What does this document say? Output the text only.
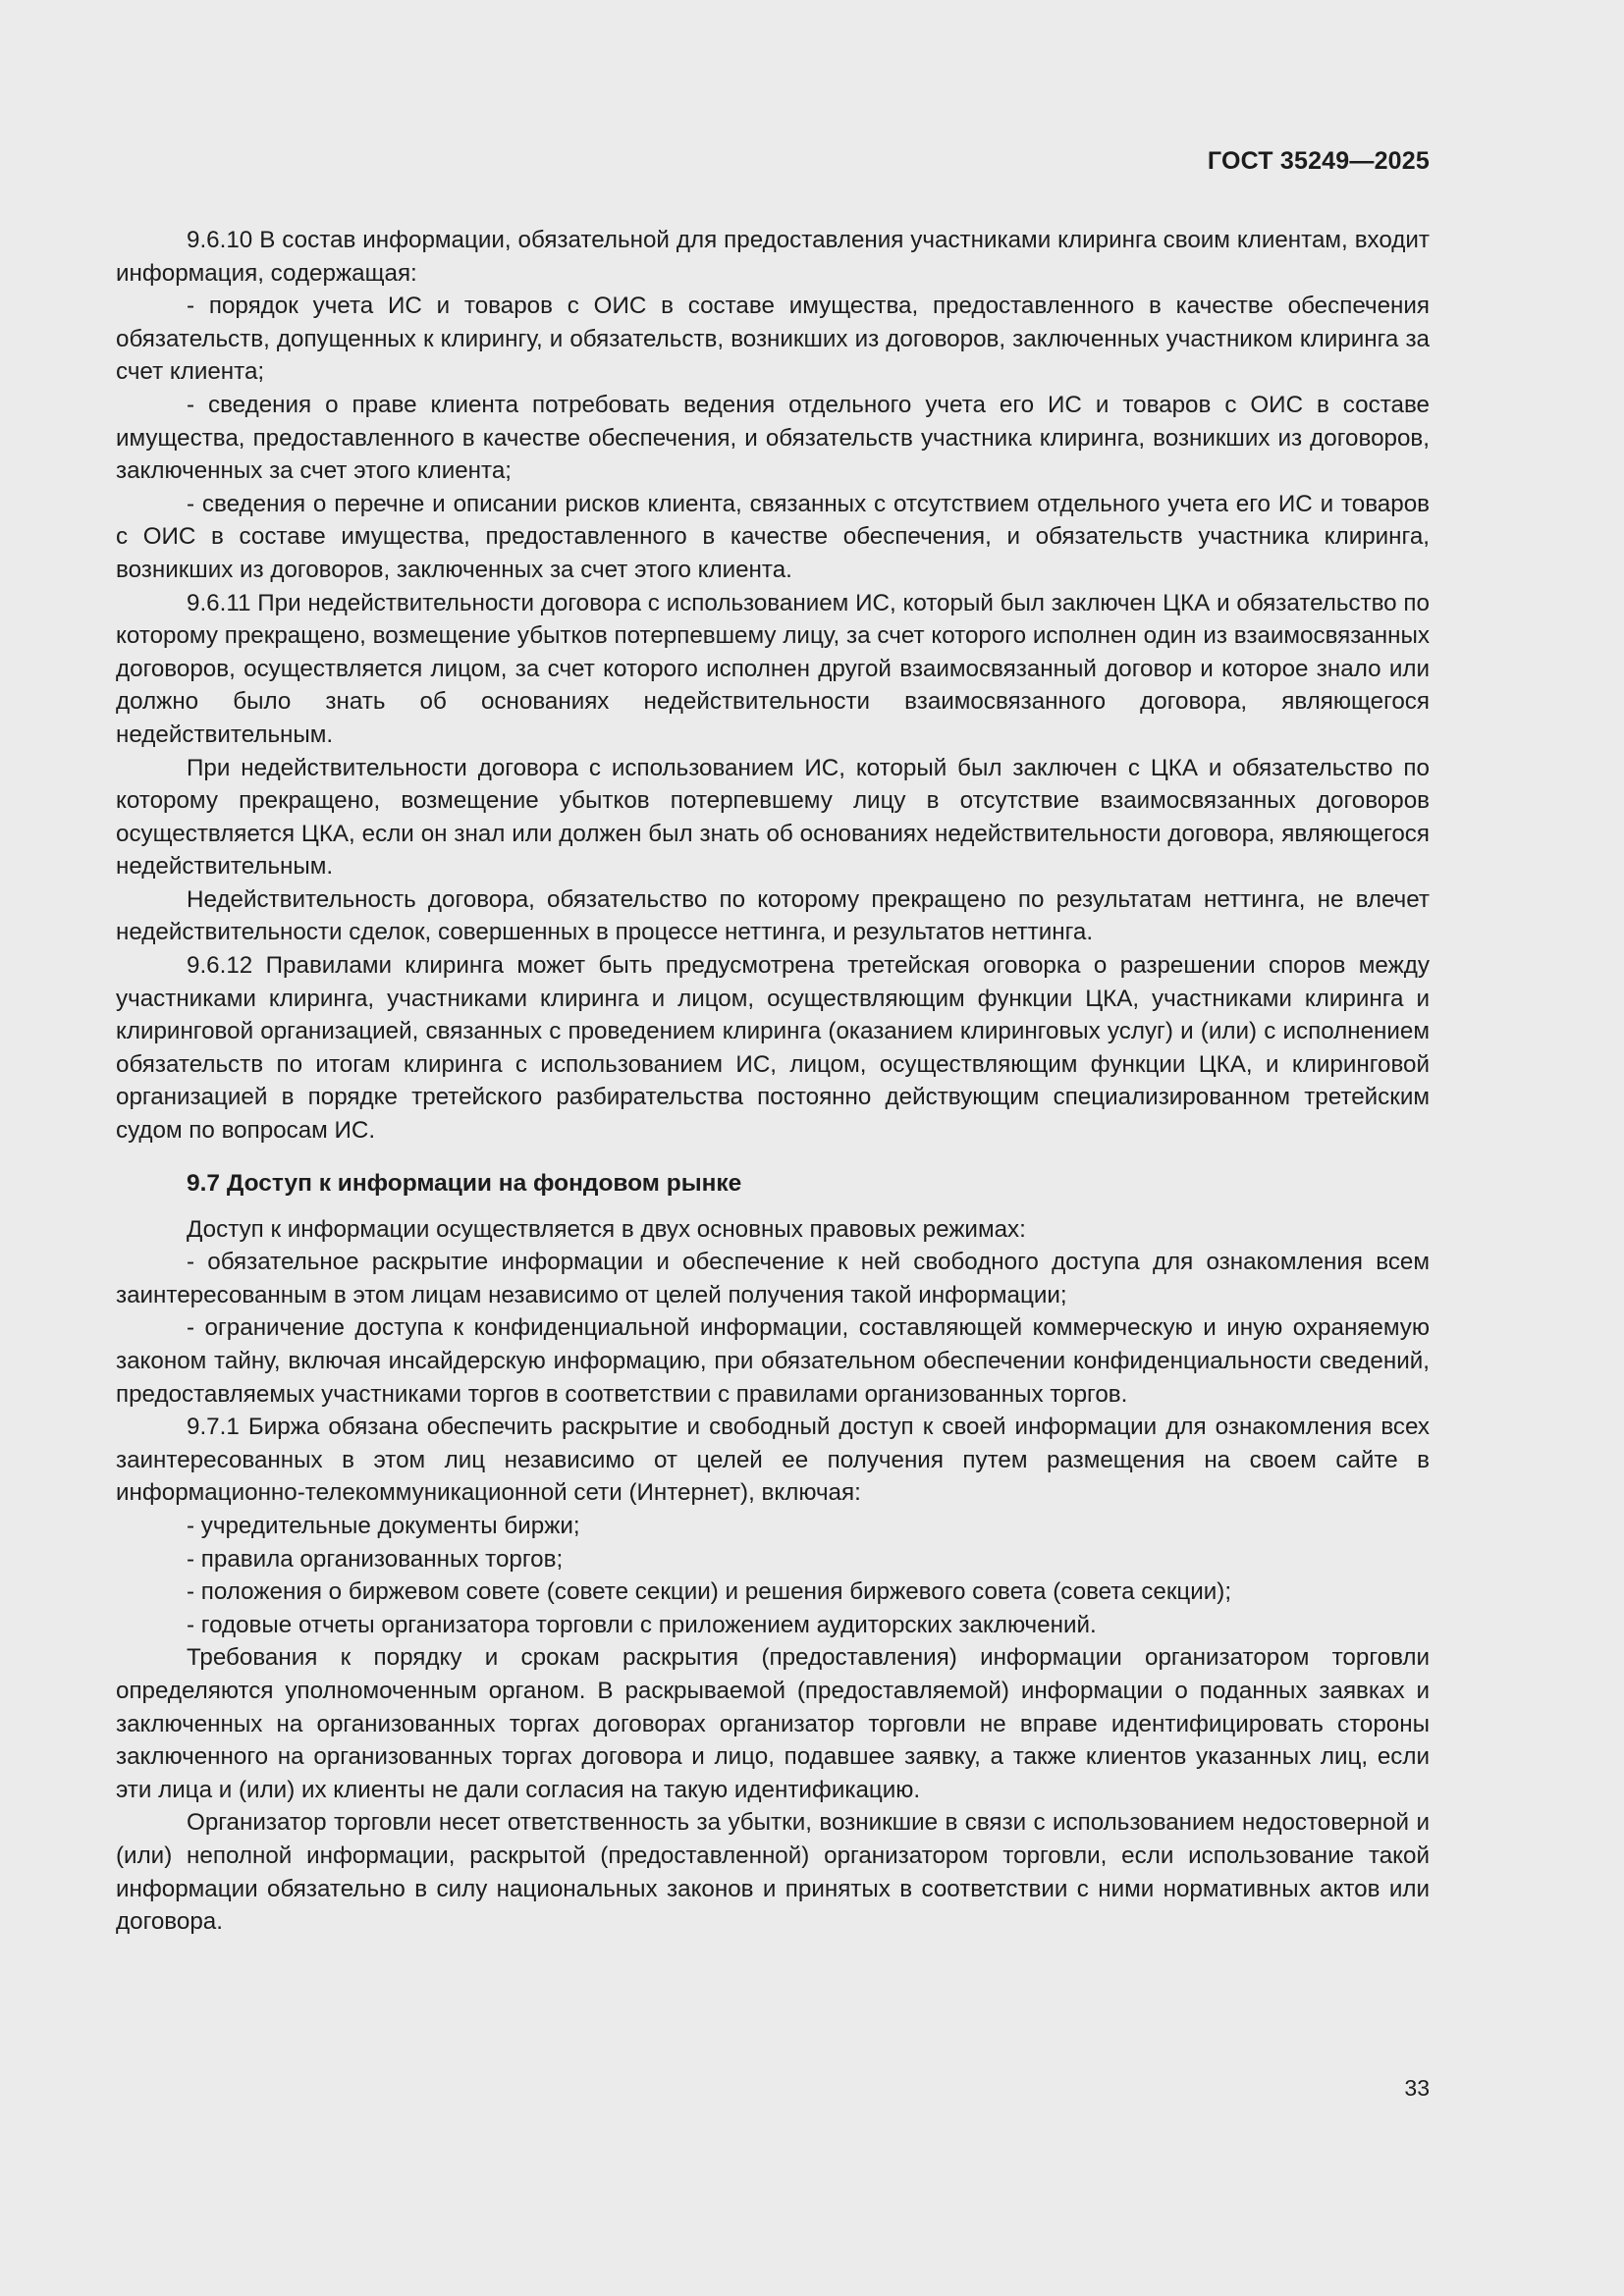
ГОСТ 35249—2025

9.6.10 В состав информации, обязательной для предоставления участниками клиринга своим клиентам, входит информация, содержащая:

- порядок учета ИС и товаров с ОИС в составе имущества, предоставленного в качестве обеспечения обязательств, допущенных к клирингу, и обязательств, возникших из договоров, заключенных участником клиринга за счет клиента;

- сведения о праве клиента потребовать ведения отдельного учета его ИС и товаров с ОИС в составе имущества, предоставленного в качестве обеспечения, и обязательств участника клиринга, возникших из договоров, заключенных за счет этого клиента;

- сведения о перечне и описании рисков клиента, связанных с отсутствием отдельного учета его ИС и товаров с ОИС в составе имущества, предоставленного в качестве обеспечения, и обязательств участника клиринга, возникших из договоров, заключенных за счет этого клиента.

9.6.11 При недействительности договора с использованием ИС, который был заключен ЦКА и обязательство по которому прекращено, возмещение убытков потерпевшему лицу, за счет которого исполнен один из взаимосвязанных договоров, осуществляется лицом, за счет которого исполнен другой взаимосвязанный договор и которое знало или должно было знать об основаниях недействительности взаимосвязанного договора, являющегося недействительным.

При недействительности договора с использованием ИС, который был заключен с ЦКА и обязательство по которому прекращено, возмещение убытков потерпевшему лицу в отсутствие взаимосвязанных договоров осуществляется ЦКА, если он знал или должен был знать об основаниях недействительности договора, являющегося недействительным.

Недействительность договора, обязательство по которому прекращено по результатам неттинга, не влечет недействительности сделок, совершенных в процессе неттинга, и результатов неттинга.

9.6.12 Правилами клиринга может быть предусмотрена третейская оговорка о разрешении споров между участниками клиринга, участниками клиринга и лицом, осуществляющим функции ЦКА, участниками клиринга и клиринговой организацией, связанных с проведением клиринга (оказанием клиринговых услуг) и (или) с исполнением обязательств по итогам клиринга с использованием ИС, лицом, осуществляющим функции ЦКА, и клиринговой организацией в порядке третейского разбирательства постоянно действующим специализированном третейским судом по вопросам ИС.

9.7 Доступ к информации на фондовом рынке

Доступ к информации осуществляется в двух основных правовых режимах:

- обязательное раскрытие информации и обеспечение к ней свободного доступа для ознакомления всем заинтересованным в этом лицам независимо от целей получения такой информации;

- ограничение доступа к конфиденциальной информации, составляющей коммерческую и иную охраняемую законом тайну, включая инсайдерскую информацию, при обязательном обеспечении конфиденциальности сведений, предоставляемых участниками торгов в соответствии с правилами организованных торгов.

9.7.1 Биржа обязана обеспечить раскрытие и свободный доступ к своей информации для ознакомления всех заинтересованных в этом лиц независимо от целей ее получения путем размещения на своем сайте в информационно-телекоммуникационной сети (Интернет), включая:

- учредительные документы биржи;

- правила организованных торгов;

- положения о биржевом совете (совете секции) и решения биржевого совета (совета секции);

- годовые отчеты организатора торговли с приложением аудиторских заключений.

Требования к порядку и срокам раскрытия (предоставления) информации организатором торговли определяются уполномоченным органом. В раскрываемой (предоставляемой) информации о поданных заявках и заключенных на организованных торгах договорах организатор торговли не вправе идентифицировать стороны заключенного на организованных торгах договора и лицо, подавшее заявку, а также клиентов указанных лиц, если эти лица и (или) их клиенты не дали согласия на такую идентификацию.

Организатор торговли несет ответственность за убытки, возникшие в связи с использованием недостоверной и (или) неполной информации, раскрытой (предоставленной) организатором торговли, если использование такой информации обязательно в силу национальных законов и принятых в соответствии с ними нормативных актов или договора.

33
